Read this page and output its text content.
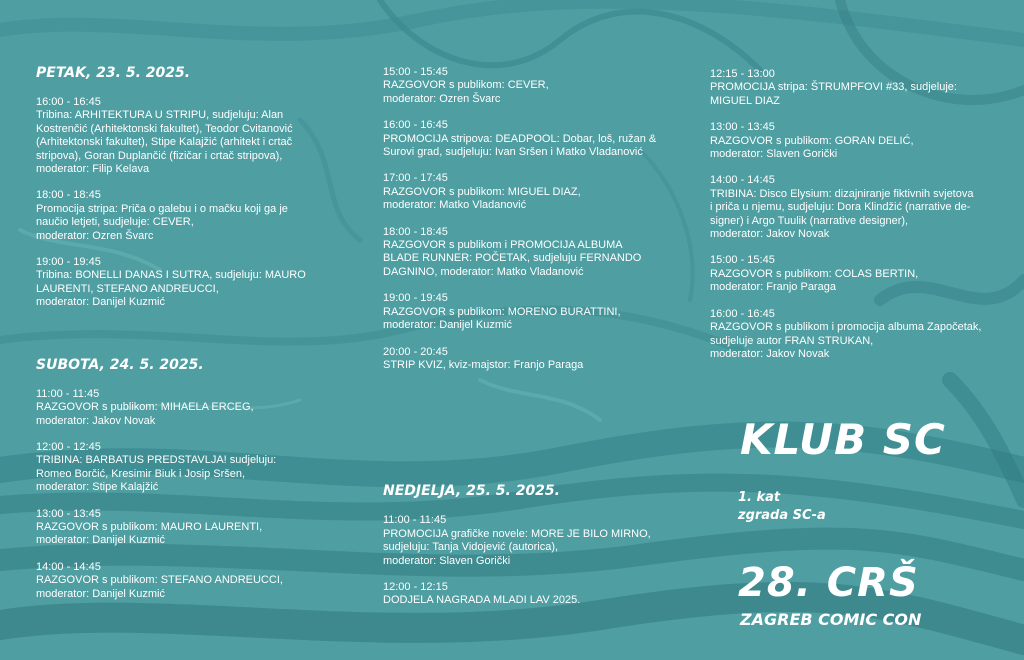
PETAK, 23. 5. 2025.
16:00 - 16:45
Tribina: ARHITEKTURA U STRIPU, sudjeluju: Alan
Kostrenčić (Arhitektonski fakultet), Teodor Cvitanović
(Arhitektonski fakultet), Stipe Kalajžić (arhitekt i crtač
stripova), Goran Duplančić (fizičar i crtač stripova),
moderator: Filip Kelava
18:00 - 18:45
Promocija stripa: Priča o galebu i o mačku koji ga je
naučio letjeti, sudjeluje: CEVER,
moderator: Ozren Švarc
19:00 - 19:45
Tribina: BONELLI DANAS I SUTRA, sudjeluju: MAURO
LAURENTI, STEFANO ANDREUCCI,
moderator: Danijel Kuzmić
SUBOTA, 24. 5. 2025.
11:00 - 11:45
RAZGOVOR s publikom: MIHAELA ERCEG,
moderator: Jakov Novak
12:00 - 12:45
TRIBINA: BARBATUS PREDSTAVLJA! sudjeluju:
Romeo Borčić, Kresimir Biuk i Josip Sršen,
moderator: Stipe Kalajžić
13:00 - 13:45
RAZGOVOR s publikom: MAURO LAURENTI,
moderator: Danijel Kuzmić
14:00 - 14:45
RAZGOVOR s publikom: STEFANO ANDREUCCI,
moderator: Danijel Kuzmić
15:00 - 15:45
RAZGOVOR s publikom: CEVER,
moderator: Ozren Švarc
16:00 - 16:45
PROMOCIJA stripova: DEADPOOL: Dobar, loš, ružan &
Surovi grad, sudjeluju: Ivan Sršen i Matko Vladanović
17:00 - 17:45
RAZGOVOR s publikom: MIGUEL DIAZ,
moderator: Matko Vladanović
18:00 - 18:45
RAZGOVOR s publikom i PROMOCIJA ALBUMA
BLADE RUNNER: POČETAK, sudjeluju FERNANDO
DAGNINO, moderator: Matko Vladanović
19:00 - 19:45
RAZGOVOR s publikom: MORENO BURATTINI,
moderator: Danijel Kuzmić
20:00 - 20:45
STRIP KVIZ, kviz-majstor: Franjo Paraga
NEDJELJA, 25. 5. 2025.
11:00 - 11:45
PROMOCIJA grafičke novele: MORE JE BILO MIRNO,
sudjeluju: Tanja Vidojević (autorica),
moderator: Slaven Gorički
12:00 - 12:15
DODJELA NAGRADA MLADI LAV 2025.
12:15 - 13:00
PROMOCIJA stripa: ŠTRUMPFOVI #33, sudjeluje:
MIGUEL DIAZ
13:00 - 13:45
RAZGOVOR s publikom: GORAN DELIĆ,
moderator: Slaven Gorički
14:00 - 14:45
TRIBINA: Disco Elysium: dizajniranje fiktivnih svjetova
i priča u njemu, sudjeluju: Dora Klindžić (narrative de-
signer) i Argo Tuulik (narrative designer),
moderator: Jakov Novak
15:00 - 15:45
RAZGOVOR s publikom: COLAS BERTIN,
moderator: Franjo Paraga
16:00 - 16:45
RAZGOVOR s publikom i promocija albuma Započetak,
sudjeluje autor FRAN STRUKAN,
moderator: Jakov Novak
KLUB SC
1. kat
zgrada SC-a
28. CRŠ
ZAGREB COMIC CON
